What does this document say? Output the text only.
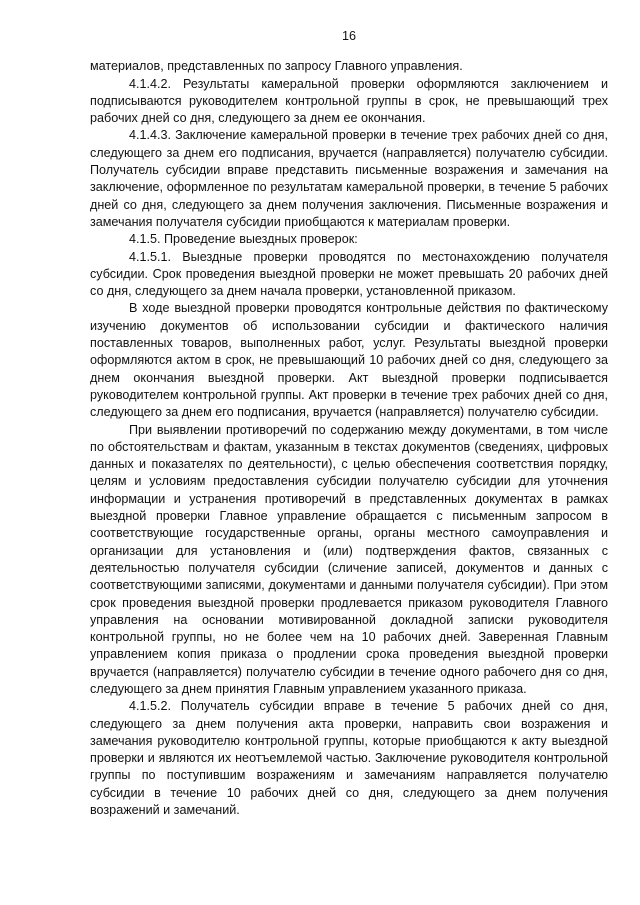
16

материалов, представленных по запросу Главного управления.

4.1.4.2. Результаты камеральной проверки оформляются заключением и подписываются руководителем контрольной группы в срок, не превышающий трех рабочих дней со дня, следующего за днем ее окончания.

4.1.4.3. Заключение камеральной проверки в течение трех рабочих дней со дня, следующего за днем его подписания, вручается (направляется) получателю субсидии. Получатель субсидии вправе представить письменные возражения и замечания на заключение, оформленное по результатам камеральной проверки, в течение 5 рабочих дней со дня, следующего за днем получения заключения. Письменные возражения и замечания получателя субсидии приобщаются к материалам проверки.

4.1.5. Проведение выездных проверок:

4.1.5.1. Выездные проверки проводятся по местонахождению получателя субсидии. Срок проведения выездной проверки не может превышать 20 рабочих дней со дня, следующего за днем начала проверки, установленной приказом.

В ходе выездной проверки проводятся контрольные действия по фактическому изучению документов об использовании субсидии и фактического наличия поставленных товаров, выполненных работ, услуг. Результаты выездной проверки оформляются актом в срок, не превышающий 10 рабочих дней со дня, следующего за днем окончания выездной проверки. Акт выездной проверки подписывается руководителем контрольной группы. Акт проверки в течение трех рабочих дней со дня, следующего за днем его подписания, вручается (направляется) получателю субсидии.

При выявлении противоречий по содержанию между документами, в том числе по обстоятельствам и фактам, указанным в текстах документов (сведениях, цифровых данных и показателях по деятельности), с целью обеспечения соответствия порядку, целям и условиям предоставления субсидии получателю субсидии для уточнения информации и устранения противоречий в представленных документах в рамках выездной проверки Главное управление обращается с письменным запросом в соответствующие государственные органы, органы местного самоуправления и организации для установления и (или) подтверждения фактов, связанных с деятельностью получателя субсидии (сличение записей, документов и данных с соответствующими записями, документами и данными получателя субсидии). При этом срок проведения выездной проверки продлевается приказом руководителя Главного управления на основании мотивированной докладной записки руководителя контрольной группы, но не более чем на 10 рабочих дней. Заверенная Главным управлением копия приказа о продлении срока проведения выездной проверки вручается (направляется) получателю субсидии в течение одного рабочего дня со дня, следующего за днем принятия Главным управлением указанного приказа.

4.1.5.2. Получатель субсидии вправе в течение 5 рабочих дней со дня, следующего за днем получения акта проверки, направить свои возражения и замечания руководителю контрольной группы, которые приобщаются к акту выездной проверки и являются их неотъемлемой частью. Заключение руководителя контрольной группы по поступившим возражениям и замечаниям направляется получателю субсидии в течение 10 рабочих дней со дня, следующего за днем получения возражений и замечаний.
